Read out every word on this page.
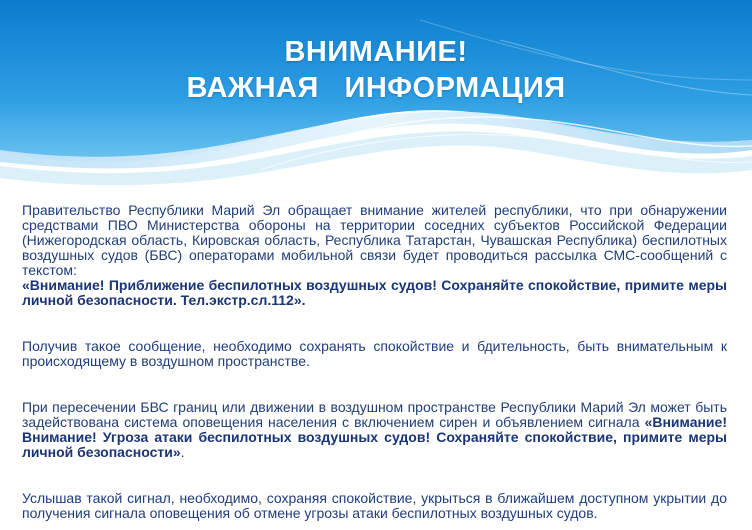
ВНИМАНИЕ!
ВАЖНАЯ   ИНФОРМАЦИЯ

Правительство Республики Марий Эл обращает внимание жителей республики, что при обнаружении средствами ПВО Министерства обороны на территории соседних субъектов Российской Федерации (Нижегородская область, Кировская область, Республика Татарстан, Чувашская Республика) беспилотных воздушных судов (БВС) операторами мобильной связи будет проводиться рассылка СМС-сообщений с текстом:

«Внимание! Приближение беспилотных воздушных судов! Сохраняйте спокойствие, примите меры личной безопасности. Тел.экстр.сл.112».

Получив такое сообщение, необходимо сохранять спокойствие и бдительность, быть внимательным к происходящему в воздушном пространстве.

При пересечении БВС границ или движении в воздушном пространстве Республики Марий Эл может быть задействована система оповещения населения с включением сирен и объявлением сигнала «Внимание! Внимание! Угроза атаки беспилотных воздушных судов! Сохраняйте спокойствие, примите меры личной безопасности».

Услышав такой сигнал, необходимо, сохраняя спокойствие, укрыться в ближайшем доступном укрытии до получения сигнала оповещения об отмене угрозы атаки беспилотных воздушных судов.
